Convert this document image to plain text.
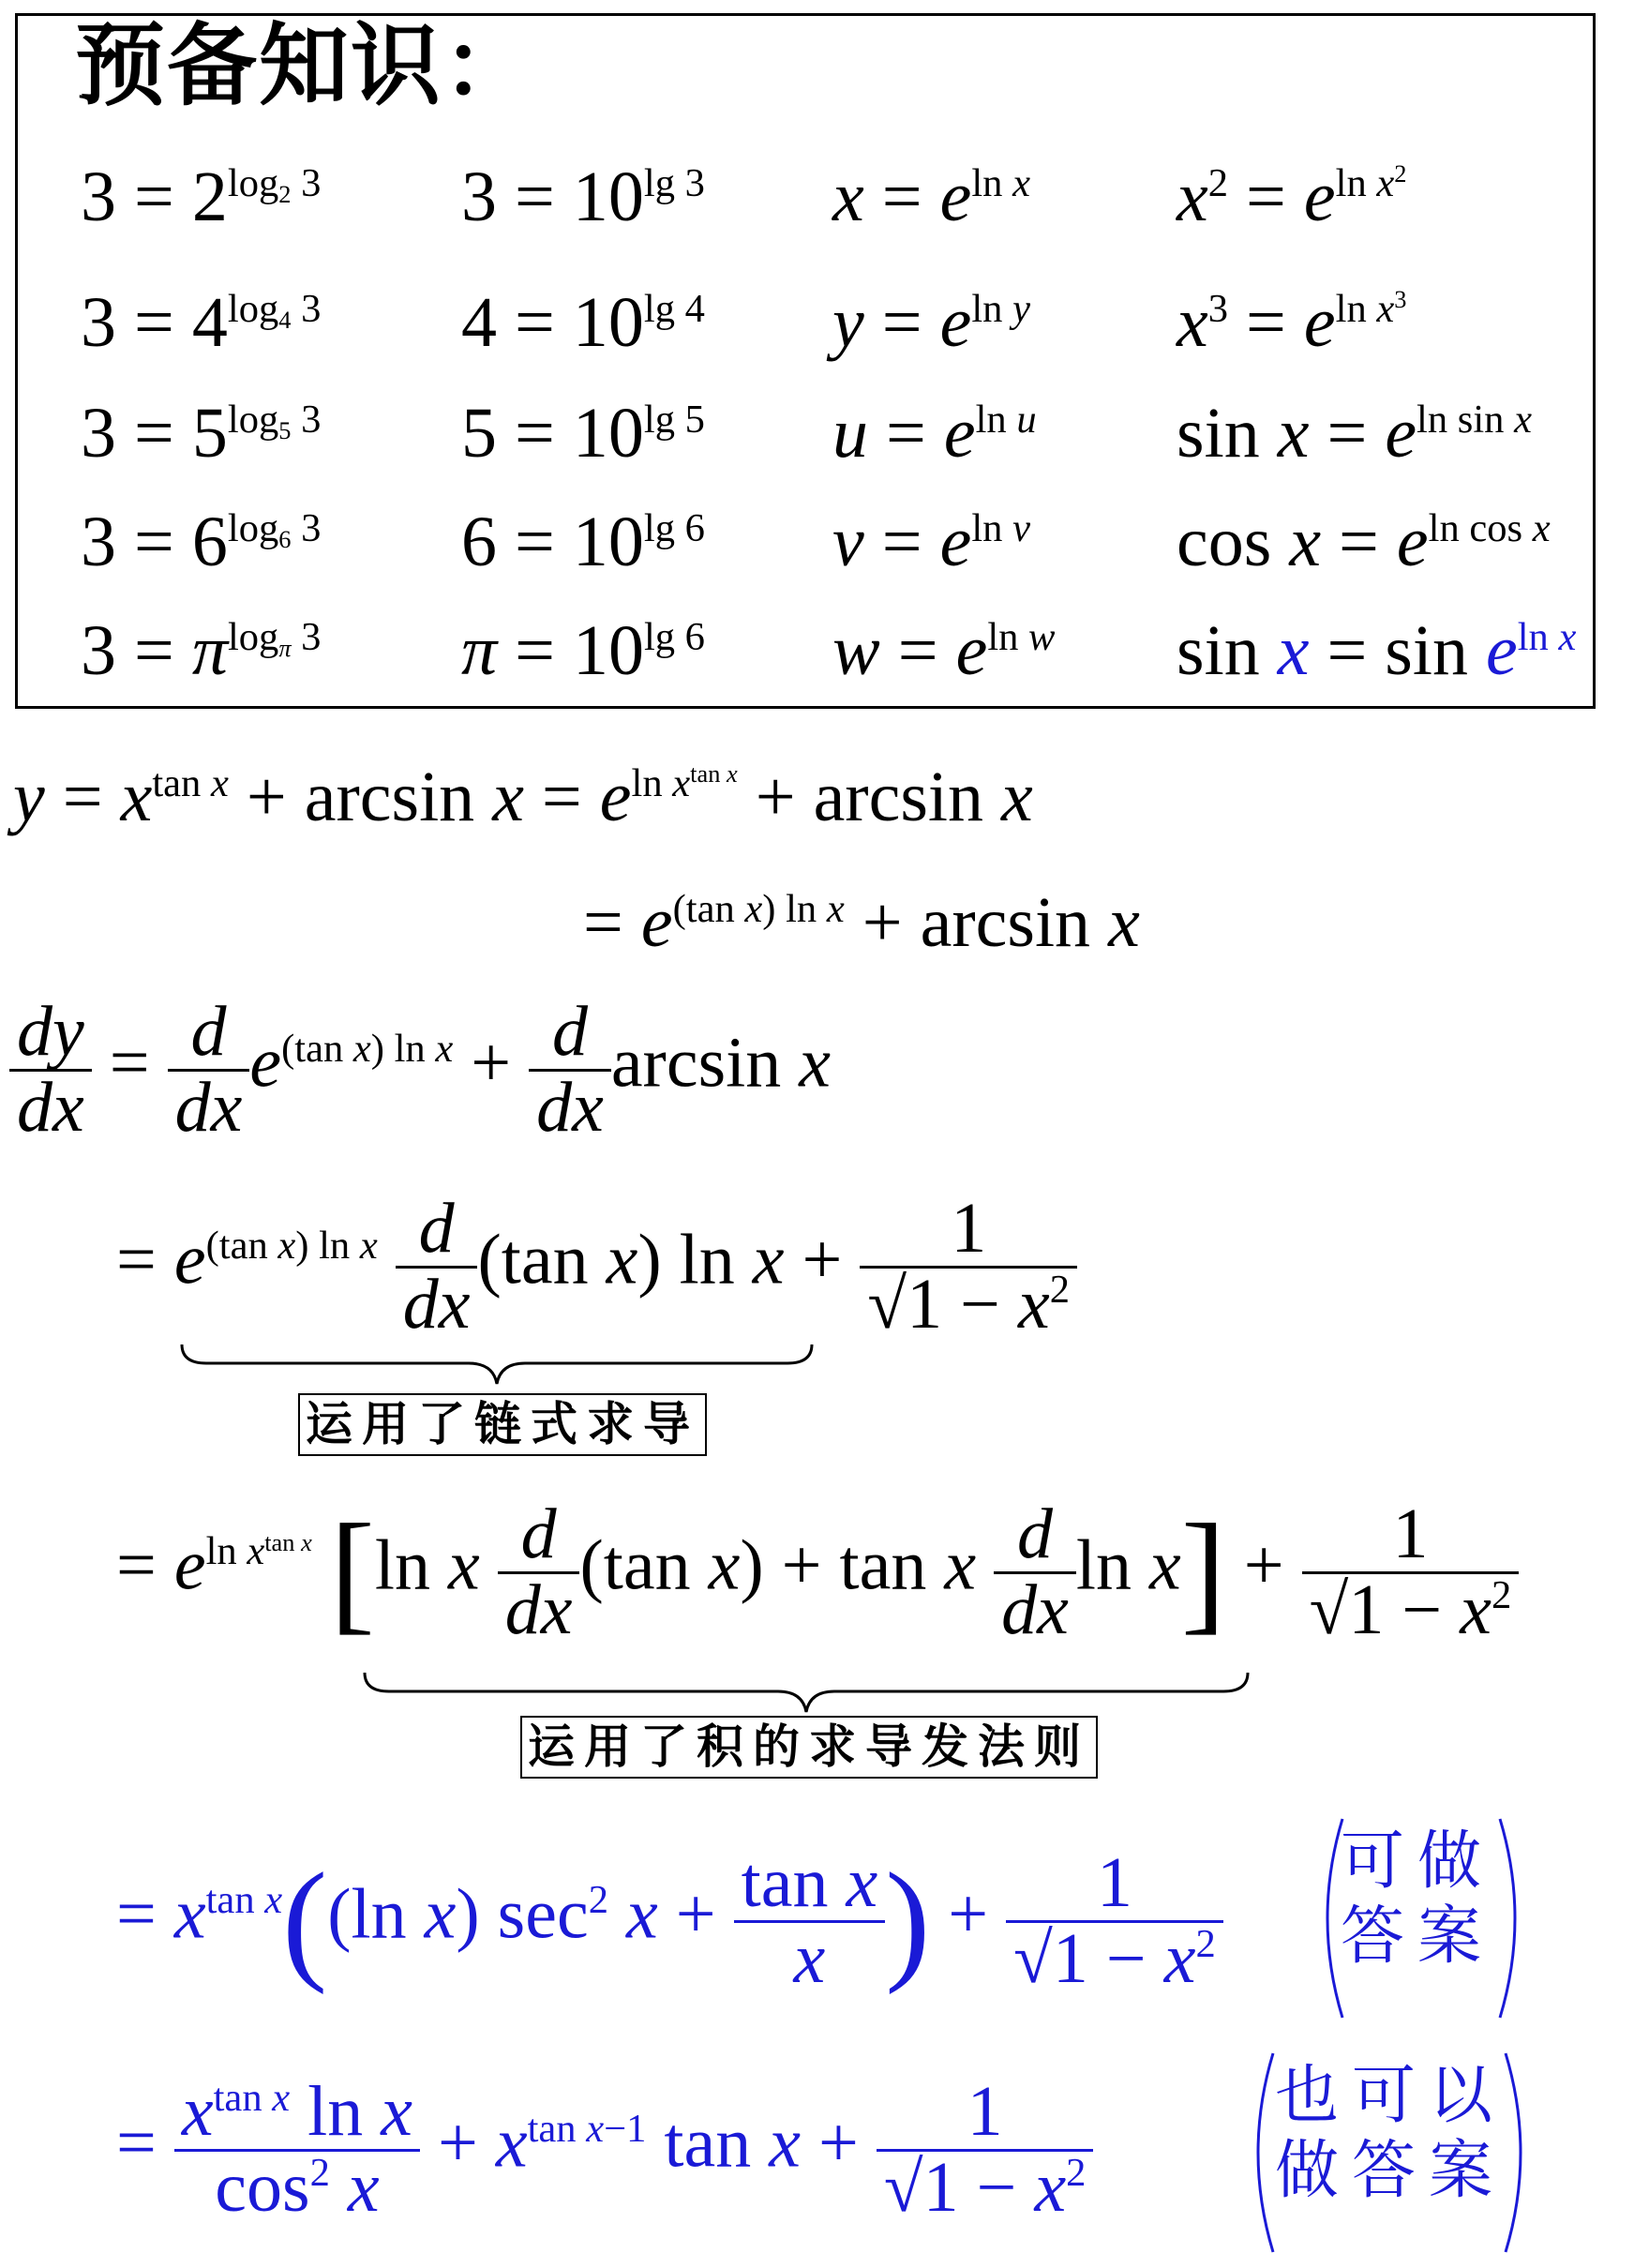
预备知识：
$3 = 2^{log2 3}$ $3 = 10^{lg 3}$ $x = e^{ln x}$ $x^2 = e^{ln x^2}$
$3 = 4^{log4 3}$ $4 = 10^{lg 4}$ $y = e^{ln y}$ $x^3 = e^{ln x^3}$
$3 = 5^{log5 3}$ $5 = 10^{lg 5}$ $u = e^{ln u}$ $\sin x = e^{ln sin x}$
$3 = 6^{log6 3}$ $6 = 10^{lg 6}$ $v = e^{ln v}$ $\cos x = e^{ln cos x}$
$3 = \pi^{log\pi 3}$ $\pi = 10^{lg 6}$ $w = e^{ln w}$ $\sin x = \sin e^{ln x}$
$y = x^{tan x} + \arcsin x = e^{ln x^{tan x}} + \arcsin x$
= $e^{(tan x) ln x} + \arcsin x$
$\frac{dy}{dx} = \frac{d}{dx} e^{(tan x) ln x} + \frac{d}{dx}$ arcsin x
= $e^{(tan x) ln x} \frac{d}{dx} (\tan$ x) $\ln x + \frac{1}{√1 - x^2}$
运用了链式求导
= $e^{ln x^{tan x}}$ [ln x $\frac{d}{dx} (\tan$ x) + tan x $\frac{d}{dx}$ $\ln x] + \frac{1}{√1 - x^2}$
运用了积的求导发法则
= $x^{tan x}((\ln$ x) $\sec^2 x + \frac{\text{tan x}}{x}$ ) + $\frac{1}{√1 - x^2}$ 可做
答案
= $\frac{x^{tan x} \ln x}{\cos^2 x} + x^{tan x-1}$ $\tan x + \frac{1}{√1 - x^2}$	也可以
做答案
